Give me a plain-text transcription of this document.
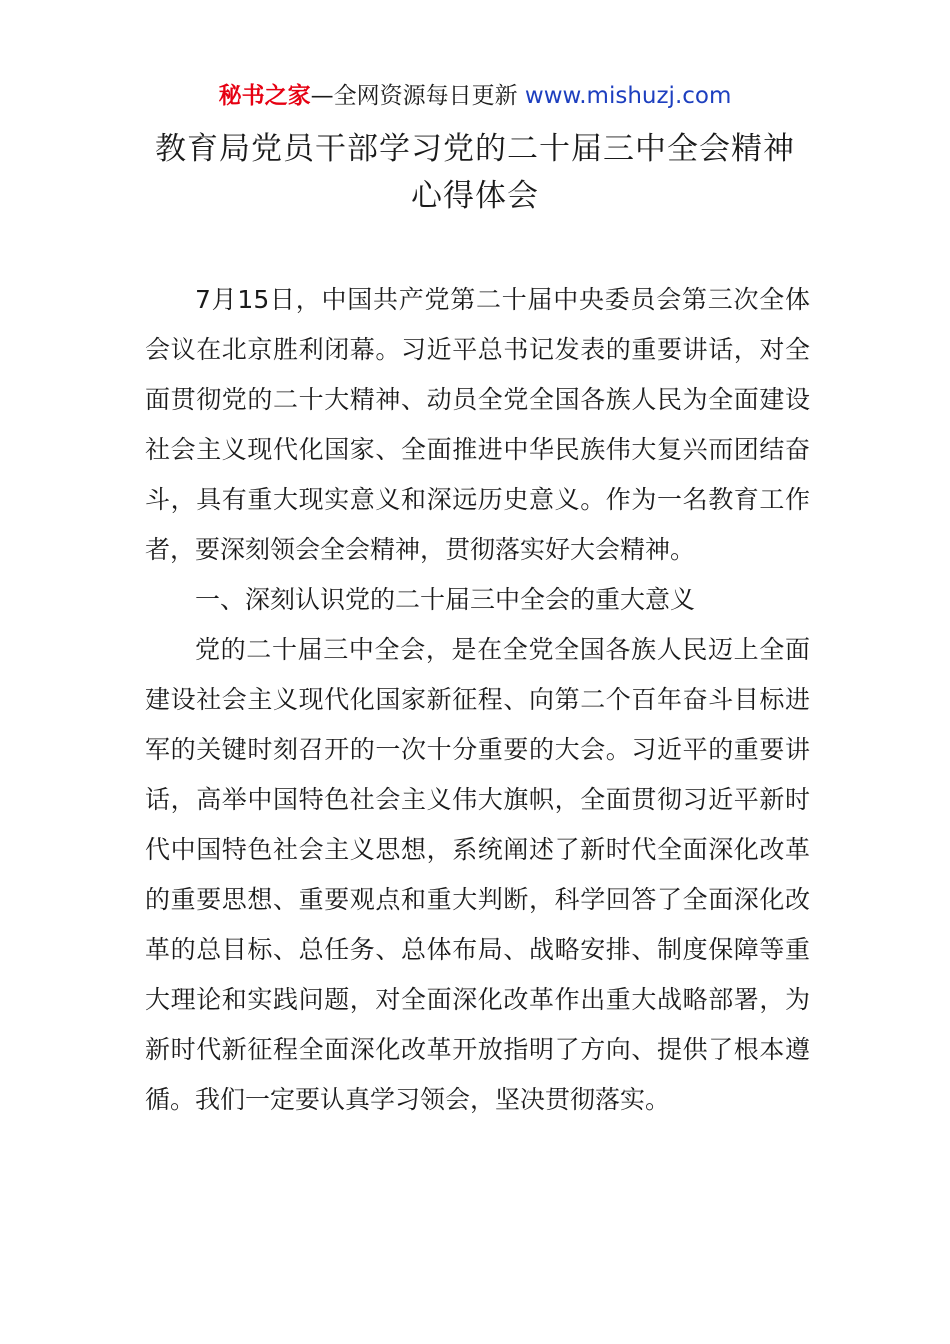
秘书之家—全网资源每日更新 www.mishuzj.com
教育局党员干部学习党的二十届三中全会精神
心得体会

7月15日，中国共产党第二十届中央委员会第三次全体会议在北京胜利闭幕。习近平总书记发表的重要讲话，对全面贯彻党的二十大精神、动员全党全国各族人民为全面建设社会主义现代化国家、全面推进中华民族伟大复兴而团结奋斗，具有重大现实意义和深远历史意义。作为一名教育工作者，要深刻领会全会精神，贯彻落实好大会精神。

一、深刻认识党的二十届三中全会的重大意义

党的二十届三中全会，是在全党全国各族人民迈上全面建设社会主义现代化国家新征程、向第二个百年奋斗目标进军的关键时刻召开的一次十分重要的大会。习近平的重要讲话，高举中国特色社会主义伟大旗帜，全面贯彻习近平新时代中国特色社会主义思想，系统阐述了新时代全面深化改革的重要思想、重要观点和重大判断，科学回答了全面深化改革的总目标、总任务、总体布局、战略安排、制度保障等重大理论和实践问题，对全面深化改革作出重大战略部署，为新时代新征程全面深化改革开放指明了方向、提供了根本遵循。我们一定要认真学习领会，坚决贯彻落实。
